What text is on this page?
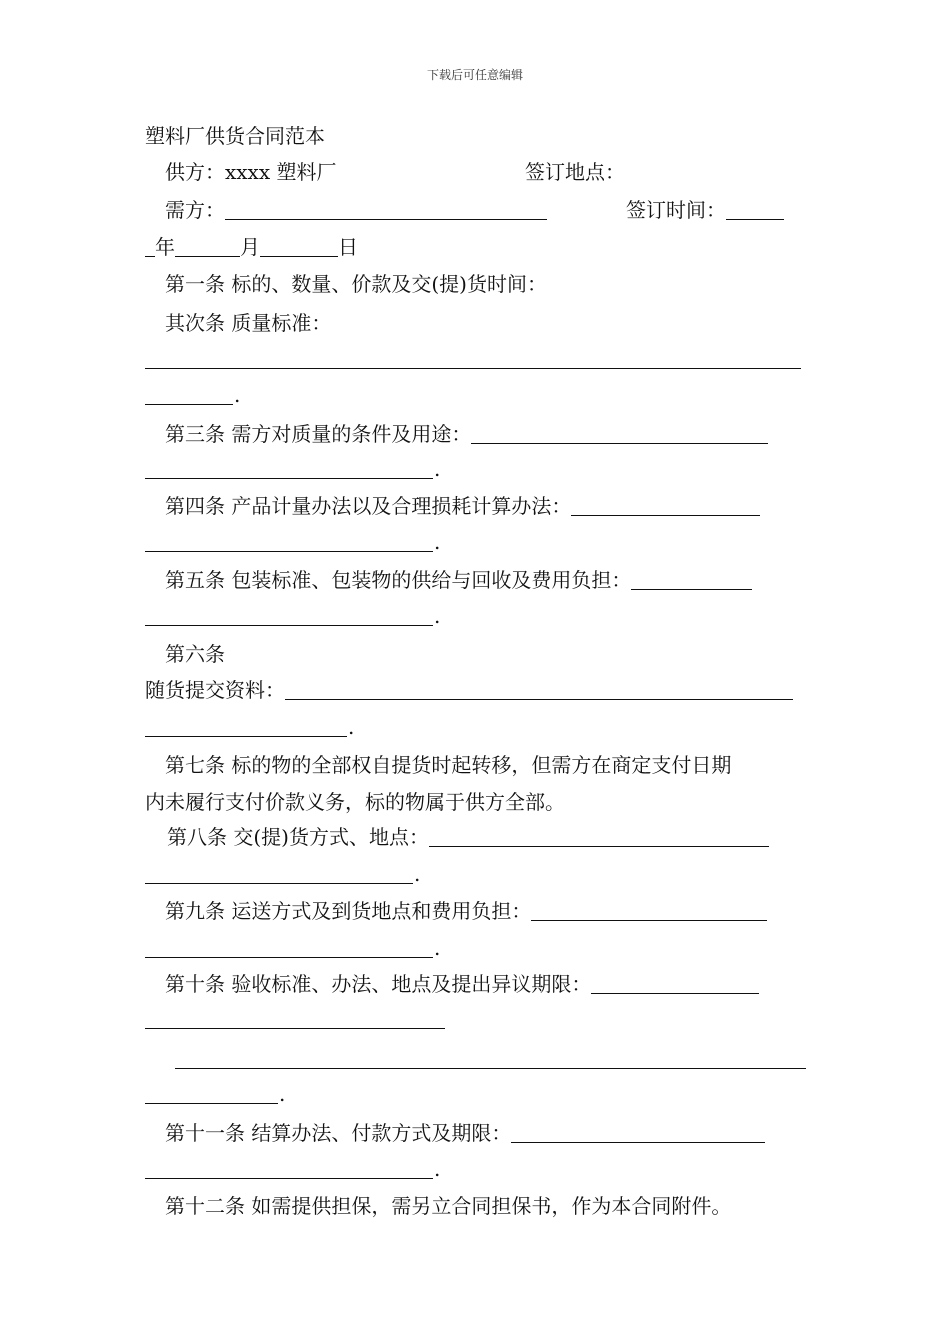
下载后可任意编辑
塑料厂供货合同范本
供方：xxxx 塑料厂	签订地点：
需方：	签订时间：
年	月	日
第一条 标的、数量、价款及交(提)货时间：
其次条 质量标准：
.
第三条 需方对质量的条件及用途：
.
第四条 产品计量办法以及合理损耗计算办法：
.
第五条 包装标准、包装物的供给与回收及费用负担：
.
第六条
随货提交资料：
.
第七条 标的物的全部权自提货时起转移，但需方在商定支付日期
内未履行支付价款义务，标的物属于供方全部。
第八条 交(提)货方式、地点：
.
第九条 运送方式及到货地点和费用负担：
.
第十条 验收标准、办法、地点及提出异议期限：
.
第十一条 结算办法、付款方式及期限：
.
第十二条 如需提供担保，需另立合同担保书，作为本合同附件。
